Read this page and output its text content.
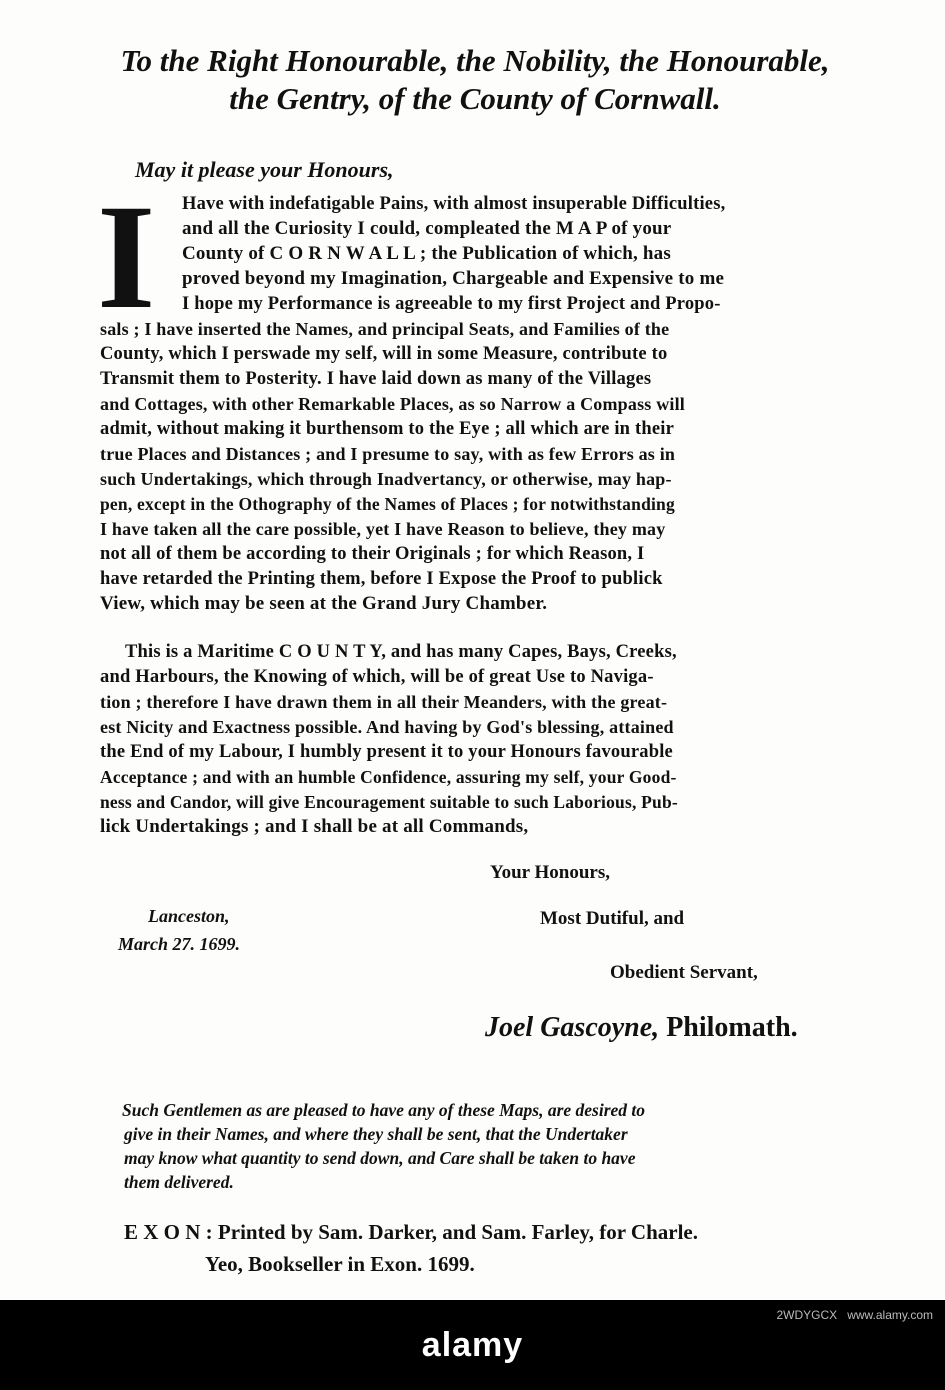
To the Right Honourable, the Nobility, the Honourable,
the Gentry, of the County of Cornwall.
May it please your Honours,
I Have with indefatigable Pains, with almost insuperable Difficulties,
and all the Curiosity I could, compleated the M A P of your
County of C O R N W A L L ; the Publication of which, has
proved beyond my Imagination, Chargeable and Expensive to me
I hope my Performance is agreeable to my first Project and Propo-
sals ; I have inserted the Names, and principal Seats, and Families of the
County, which I perswade my self, will in some Measure, contribute to
Transmit them to Posterity. I have laid down as many of the Villages
and Cottages, with other Remarkable Places, as so Narrow a Compass will
admit, without making it burthensom to the Eye ; all which are in their
true Places and Distances ; and I presume to say, with as few Errors as in
such Undertakings, which through Inadvertancy, or otherwise, may hap-
pen, except in the Othography of the Names of Places ; for notwithstanding
I have taken all the care possible, yet I have Reason to believe, they may
not all of them be according to their Originals ; for which Reason, I
have retarded the Printing them, before I Expose the Proof to publick
View, which may be seen at the Grand Jury Chamber.
This is a Maritime C O U N T Y, and has many Capes, Bays, Creeks,
and Harbours, the Knowing of which, will be of great Use to Naviga-
tion ; therefore I have drawn them in all their Meanders, with the great-
est Nicity and Exactness possible. And having by God's blessing, attained
the End of my Labour, I humbly present it to your Honours favourable
Acceptance ; and with an humble Confidence, assuring my self, your Good-
ness and Candor, will give Encouragement suitable to such Laborious, Pub-
lick Undertakings ; and I shall be at all Commands,
Your Honours,
Most Dutiful, and
Obedient Servant,
Lanceston,
March 27. 1699.
Joel Gascoyne, Philomath.
Such Gentlemen as are pleased to have any of these Maps, are desired to
give in their Names, and where they shall be sent, that the Undertaker
may know what quantity to send down, and Care shall be taken to have
them delivered.
E X O N : Printed by Sam. Darker, and Sam. Farley, for Charle.
Yeo, Bookseller in Exon. 1699.
alamy
2WDYGCX www.alamy.com
